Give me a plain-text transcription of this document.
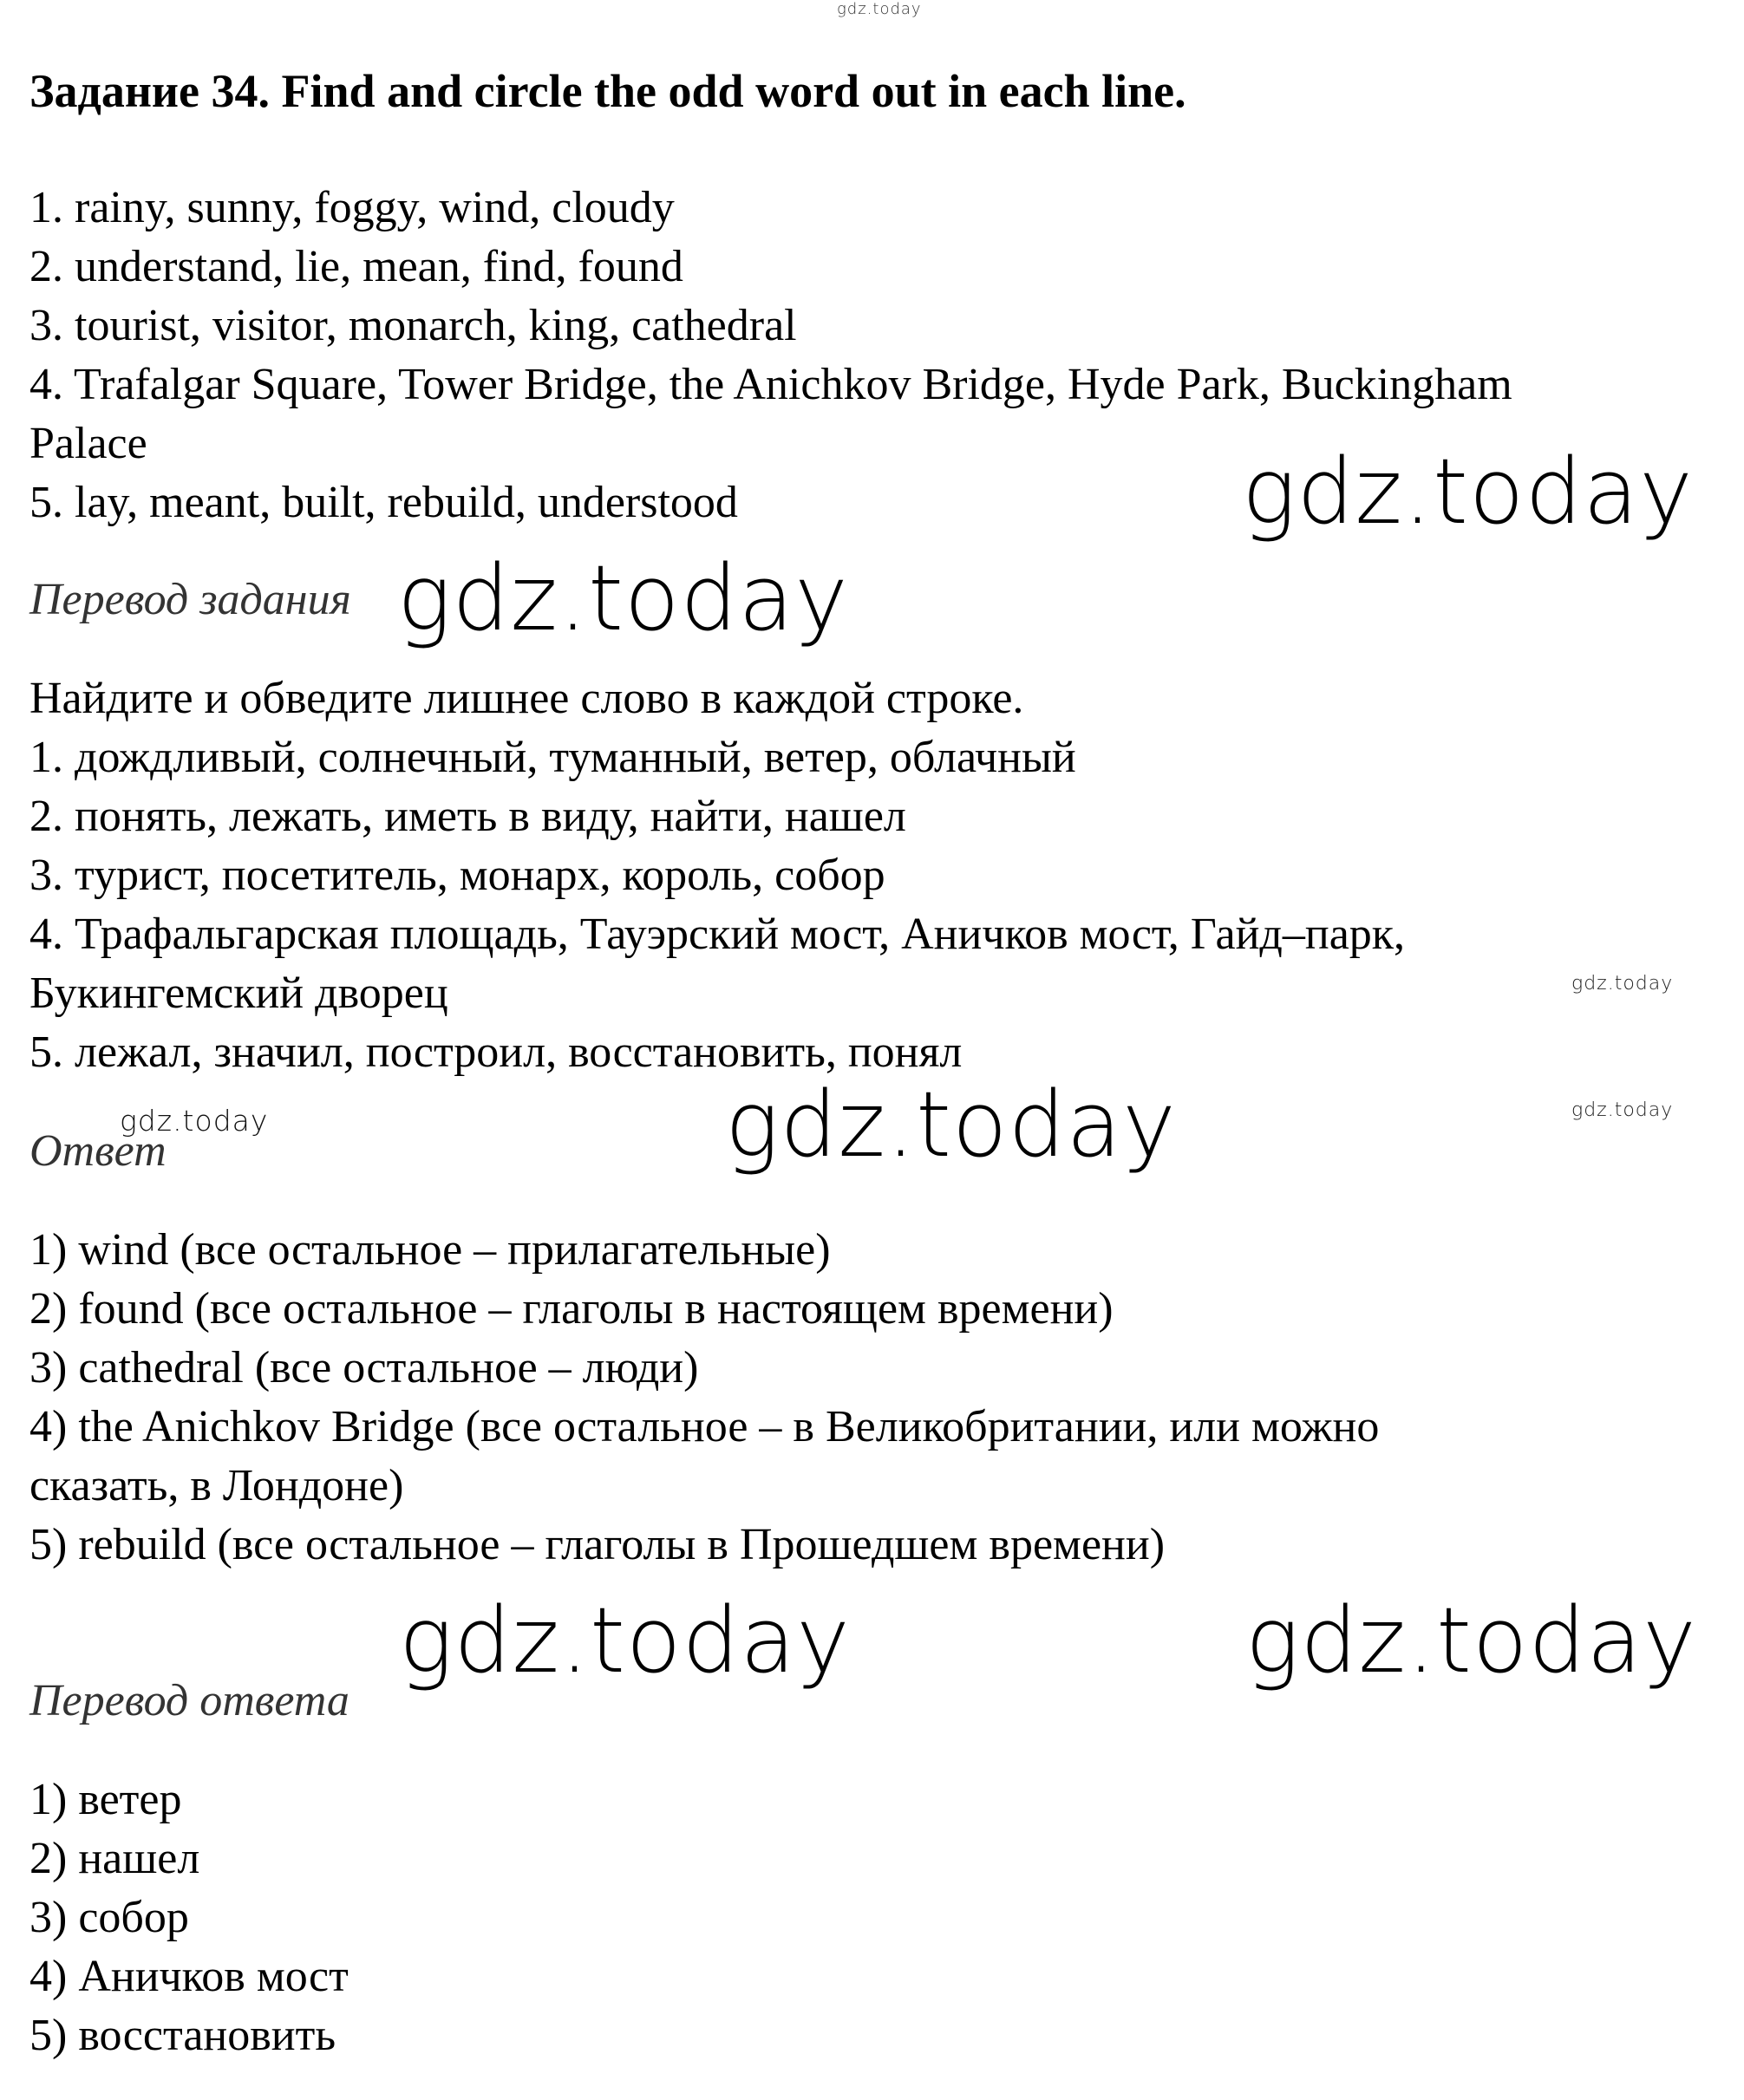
gdz.today
Задание 34. Find and circle the odd word out in each line.
1. rainy, sunny, foggy, wind, cloudy
2. understand, lie, mean, find, found
3. tourist, visitor, monarch, king, cathedral
4. Trafalgar Square, Tower Bridge, the Anichkov Bridge, Hyde Park, Buckingham
Palace
5. lay, meant, built, rebuild, understood	gdz.today
Перевод задания gdz.today
Найдите и обведите лишнее слово в каждой строке.
1. дождливый, солнечный, туманный, ветер, облачный
2. понять, лежать, иметь в виду, найти, нашел
3. турист, посетитель, монарх, король, собор
4. Трафальгарская площадь, Тауэрский мост, Аничков мост, Гайд–парк,
Букингемский дворец
5. лежал, значил, построил, восстановить, понял
gdz.today
gdz.today	gdz.today	gdz.today
Ответ
1) wind (все остальное – прилагательные)
2) found (все остальное – глаголы в настоящем времени)
3) cathedral (все остальное – люди)
4) the Anichkov Bridge (все остальное – в Великобритании, или можно
сказать, в Лондоне)
5) rebuild (все остальное – глаголы в Прошедшем времени)
gdz.today	gdz.today
Перевод ответа
1) ветер
2) нашел
3) собор
4) Аничков мост
5) восстановить
